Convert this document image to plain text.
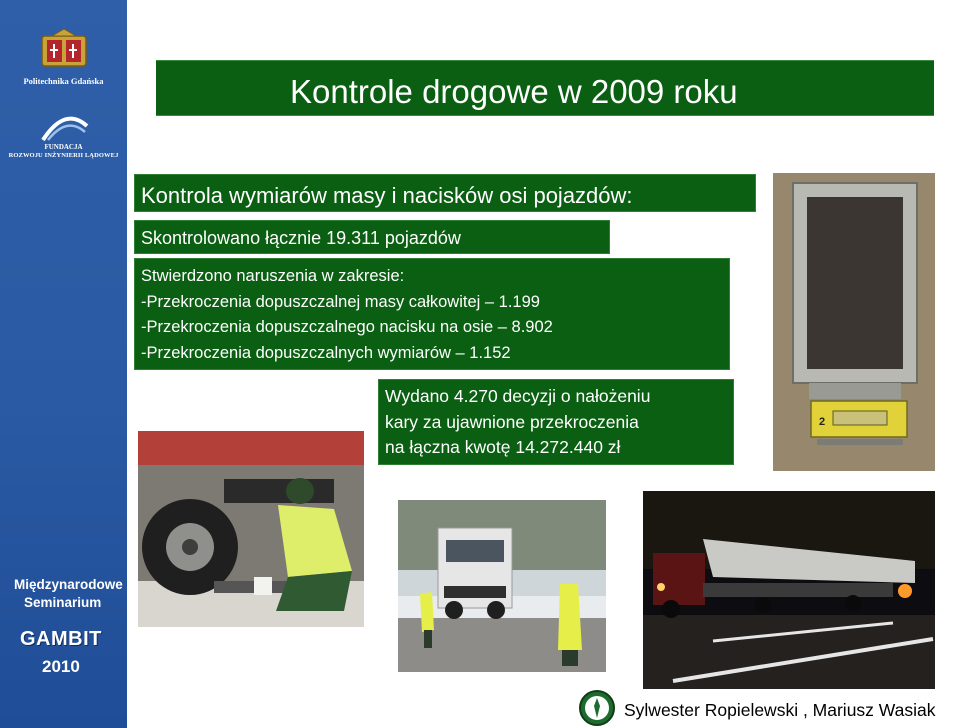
Politechnika Gdańska
FUNDACJA
ROZWOJU INŻYNIERII LĄDOWEJ
Międzynarodowe
Seminarium
GAMBIT
2010
Kontrole drogowe w 2009 roku
Kontrola wymiarów masy i nacisków osi pojazdów:
Skontrolowano łącznie 19.311 pojazdów
Stwierdzono naruszenia w zakresie:
-Przekroczenia dopuszczalnej masy całkowitej – 1.199
-Przekroczenia dopuszczalnego nacisku na osie – 8.902
-Przekroczenia dopuszczalnych wymiarów – 1.152
Wydano 4.270 decyzji o nałożeniu
kary za ujawnione przekroczenia
na łączna kwotę 14.272.440 zł
2
Sylwester Ropielewski , Mariusz Wasiak
